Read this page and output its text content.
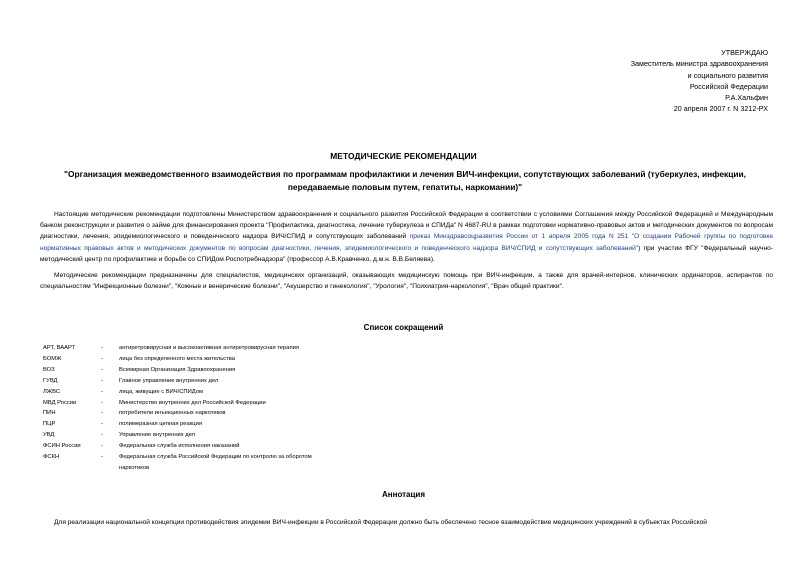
УТВЕРЖДАЮ
Заместитель министра здравоохранения
и социального развития
Российской Федерации
Р.А.Хальфин
20 апреля 2007 г. N 3212-РХ
МЕТОДИЧЕСКИЕ РЕКОМЕНДАЦИИ
"Организация межведомственного взаимодействия по программам профилактики и лечения ВИЧ-инфекции, сопутствующих заболеваний (туберкулез, инфекции, передаваемые половым путем, гепатиты, наркомании)"
Настоящие методические рекомендации подготовлены Министерством здравоохранения и социального развития Российской Федерации в соответствии с условиями Соглашения между Российской Федерацией и Международным банком реконструкции и развития о займе для финансирования проекта "Профилактика, диагностика, лечение туберкулеза и СПИДа" N 4687-RU в рамках подготовки нормативно-правовых актов и методических документов по вопросам диагностики, лечения, эпидемиологического и поведенческого надзора ВИЧ/СПИД и сопутствующих заболеваний приказ Минздравсоцразвития России от 1 апреля 2005 года N 251 "О создании Рабочей группы по подготовке нормативных правовых актов и методических документов по вопросам диагностики, лечения, эпидемиологического и поведенческого надзора ВИЧ/СПИД и сопутствующих заболеваний") при участии ФГУ "Федеральный научно-методический центр по профилактике и борьбе со СПИДом Роспотребнадзора" (профессор А.В.Кравченко, д.м.н. В.В.Беляева).
Методические рекомендации предназначены для специалистов, медицинских организаций, оказывающих медицинскую помощь при ВИЧ-инфекции, а также для врачей-интернов, клинических ординаторов, аспирантов по специальностям "Инфекционные болезни", "Кожные и венерические болезни", "Акушерство и гинекология", "Урология", "Психиатрия-наркология", "Врач общей практики".
Список сокращений
АРТ, ВААРТ	-	антиретровирусная и высокоактивная антиретровирусная терапия
БОМЖ	-	лица без определенного места жительства
ВОЗ	-	Всемирная Организация Здравоохранения
ГУВД	-	Главное управление внутренних дел
ЛЖВС	-	лица, живущие с ВИЧ/СПИДом
МВД России	-	Министерство внутренних дел Российской Федерации
ПИН	-	потребители инъекционных наркотиков
ПЦР	-	полимеразная цепная реакция
УВД	-	Управление внутренних дел
ФСИН России	-	Федеральная служба исполнения наказаний
ФСКН	-	Федеральная служба Российской Федерации по контролю за оборотом наркотиков
Аннотация
Для реализации национальной концепции противодействия эпидемии ВИЧ-инфекции в Российской Федерации должно быть обеспечено тесное взаимодействие медицинских учреждений в субъектах Российской
